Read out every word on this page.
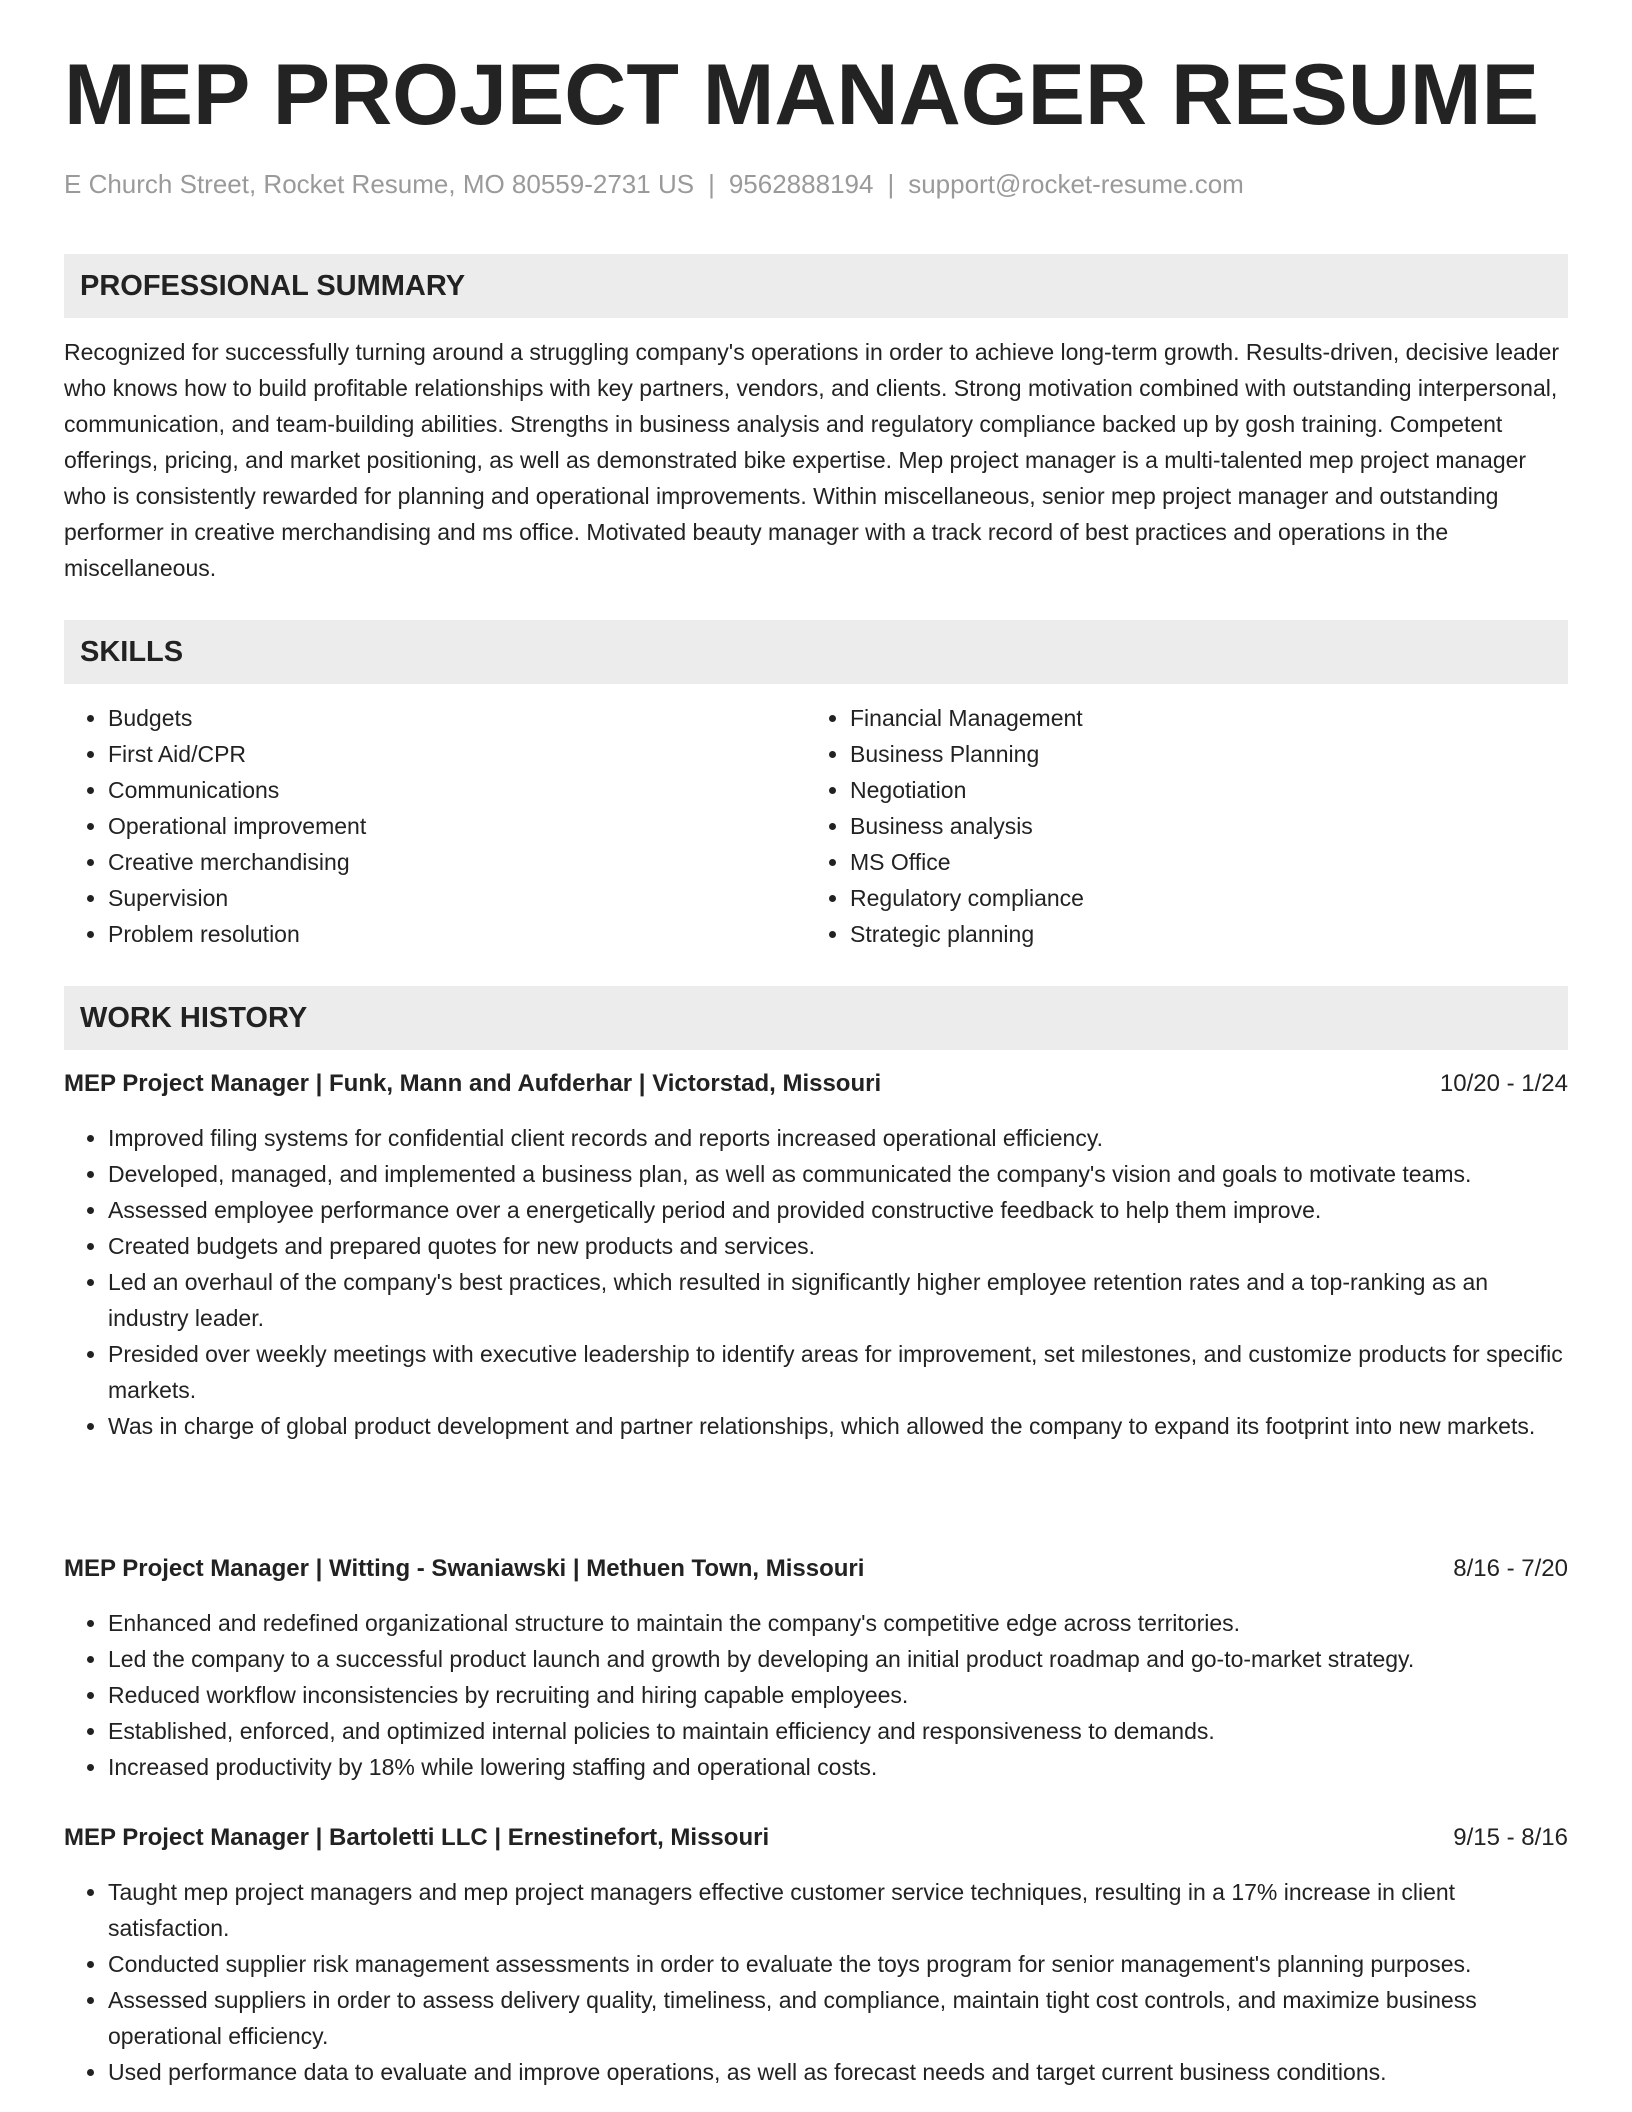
MEP PROJECT MANAGER RESUME
E Church Street, Rocket Resume, MO 80559-2731 US | 9562888194 | support@rocket-resume.com
PROFESSIONAL SUMMARY

Recognized for successfully turning around a struggling company's operations in order to achieve long-term growth. Results-driven, decisive leader who knows how to build profitable relationships with key partners, vendors, and clients. Strong motivation combined with outstanding interpersonal, communication, and team-building abilities. Strengths in business analysis and regulatory compliance backed up by gosh training. Competent offerings, pricing, and market positioning, as well as demonstrated bike expertise. Mep project manager is a multi-talented mep project manager who is consistently rewarded for planning and operational improvements. Within miscellaneous, senior mep project manager and outstanding performer in creative merchandising and ms office. Motivated beauty manager with a track record of best practices and operations in the miscellaneous.

SKILLS
• Budgets
• First Aid/CPR
• Communications
• Operational improvement
• Creative merchandising
• Supervision
• Problem resolution
• Financial Management
• Business Planning
• Negotiation
• Business analysis
• MS Office
• Regulatory compliance
• Strategic planning
WORK HISTORY
MEP Project Manager | Funk, Mann and Aufderhar | Victorstad, Missouri	10/20 - 1/24
• Improved filing systems for confidential client records and reports increased operational efficiency.
• Developed, managed, and implemented a business plan, as well as communicated the company's vision and goals to motivate teams.
• Assessed employee performance over a energetically period and provided constructive feedback to help them improve.
• Created budgets and prepared quotes for new products and services.
• Led an overhaul of the company's best practices, which resulted in significantly higher employee retention rates and a top-ranking as an industry leader.
• Presided over weekly meetings with executive leadership to identify areas for improvement, set milestones, and customize products for specific markets.
• Was in charge of global product development and partner relationships, which allowed the company to expand its footprint into new markets.
MEP Project Manager | Witting - Swaniawski | Methuen Town, Missouri	8/16 - 7/20
• Enhanced and redefined organizational structure to maintain the company's competitive edge across territories.
• Led the company to a successful product launch and growth by developing an initial product roadmap and go-to-market strategy.
• Reduced workflow inconsistencies by recruiting and hiring capable employees.
• Established, enforced, and optimized internal policies to maintain efficiency and responsiveness to demands.
• Increased productivity by 18% while lowering staffing and operational costs.
MEP Project Manager | Bartoletti LLC | Ernestinefort, Missouri	9/15 - 8/16
• Taught mep project managers and mep project managers effective customer service techniques, resulting in a 17% increase in client satisfaction.
• Conducted supplier risk management assessments in order to evaluate the toys program for senior management's planning purposes.
• Assessed suppliers in order to assess delivery quality, timeliness, and compliance, maintain tight cost controls, and maximize business operational efficiency.
• Used performance data to evaluate and improve operations, as well as forecast needs and target current business conditions.
